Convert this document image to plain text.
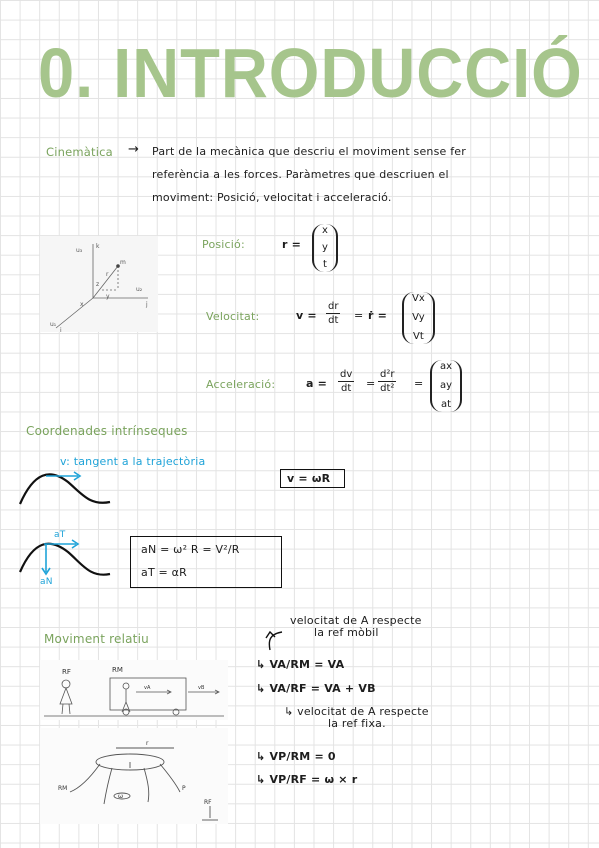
0. INTRODUCCIÓ
Cinemàtica → Part de la mecànica que descriu el moviment sense fer
referència a les forces. Paràmetres que descriuen el
moviment: Posició, velocitat i acceleració.
u₃
k
u₂
j
u₁
i
z
y
x
m
r
Posició:	r =
x
y
t
Velocitat:	$v = \frac{dr}{dt}$ = ṙ =
Vx
Vy
Vt
Acceleració:	$a = \frac{dv}{dt} = \frac{\text{d²r}}{\text{dt²}}$ =
ax
ay
at
Coordenades intrínseques
v: tangent a la trajectòria
v = ωR
aT
aN
aN = ω² R = V²/R
aT = αR
Moviment relatiu
velocitat de A respecte
la ref mòbil
↳ VA/RM = VA
↳ VA/RF = VA + VB
↳ velocitat de A respecte
la ref fixa.
↳ VP/RM = 0
↳ VP/RF = ω × r
RF	RM
vA	vB
RM
RF
P
r
ω
